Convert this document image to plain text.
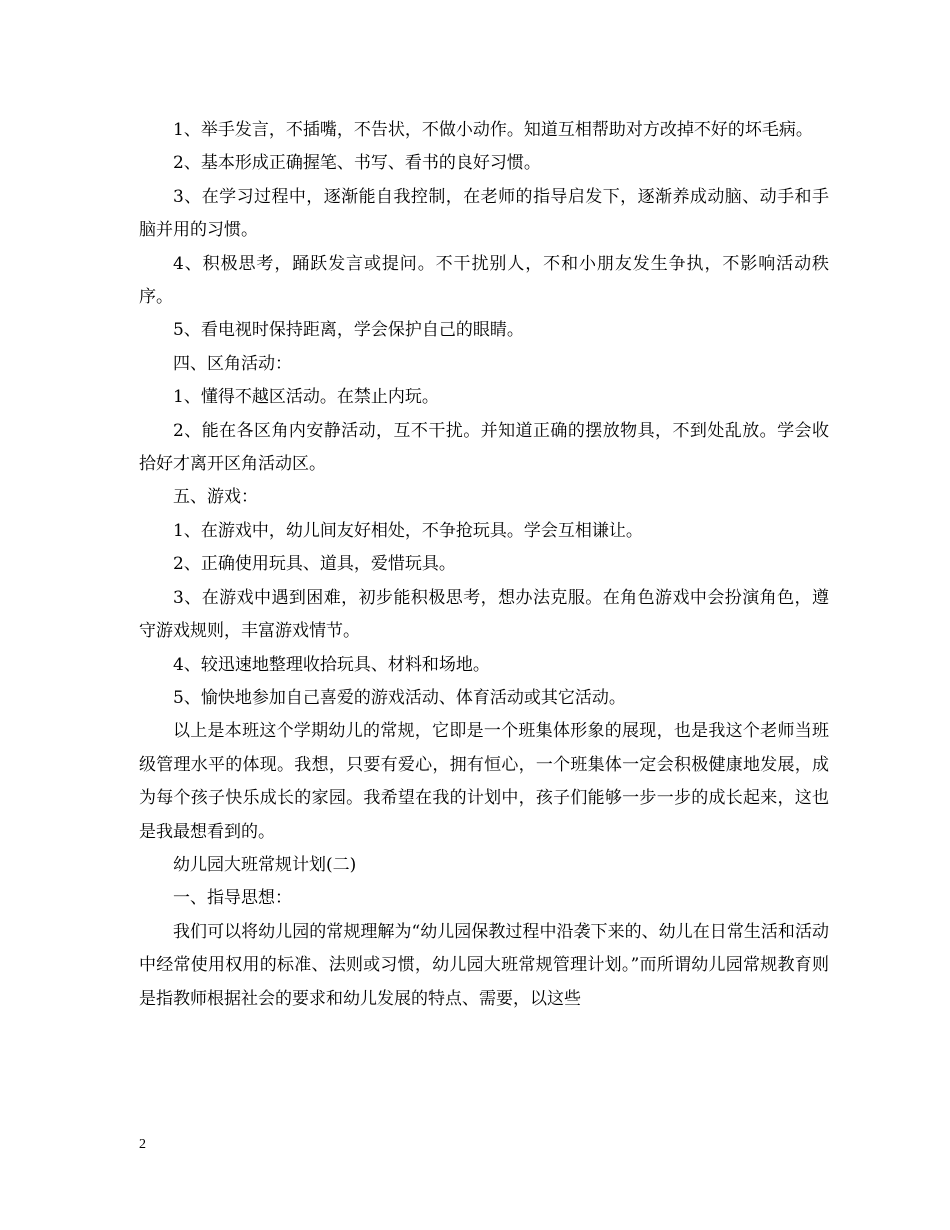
1、举手发言，不插嘴，不告状，不做小动作。知道互相帮助对方改掉不好的坏毛病。

2、基本形成正确握笔、书写、看书的良好习惯。

3、在学习过程中，逐渐能自我控制，在老师的指导启发下，逐渐养成动脑、动手和手脑并用的习惯。

4、积极思考，踊跃发言或提问。不干扰别人，不和小朋友发生争执，不影响活动秩序。

5、看电视时保持距离，学会保护自己的眼睛。

四、区角活动：

1、懂得不越区活动。在禁止内玩。

2、能在各区角内安静活动，互不干扰。并知道正确的摆放物具，不到处乱放。学会收拾好才离开区角活动区。

五、游戏：

1、在游戏中，幼儿间友好相处，不争抢玩具。学会互相谦让。

2、正确使用玩具、道具，爱惜玩具。

3、在游戏中遇到困难，初步能积极思考，想办法克服。在角色游戏中会扮演角色，遵守游戏规则，丰富游戏情节。

4、较迅速地整理收拾玩具、材料和场地。

5、愉快地参加自己喜爱的游戏活动、体育活动或其它活动。

以上是本班这个学期幼儿的常规，它即是一个班集体形象的展现，也是我这个老师当班级管理水平的体现。我想，只要有爱心，拥有恒心，一个班集体一定会积极健康地发展，成为每个孩子快乐成长的家园。我希望在我的计划中，孩子们能够一步一步的成长起来，这也是我最想看到的。

幼儿园大班常规计划(二)

一、指导思想：

我们可以将幼儿园的常规理解为“幼儿园保教过程中沿袭下来的、幼儿在日常生活和活动中经常使用权用的标准、法则或习惯，幼儿园大班常规管理计划。”而所谓幼儿园常规教育则是指教师根据社会的要求和幼儿发展的特点、需要，以这些

2
